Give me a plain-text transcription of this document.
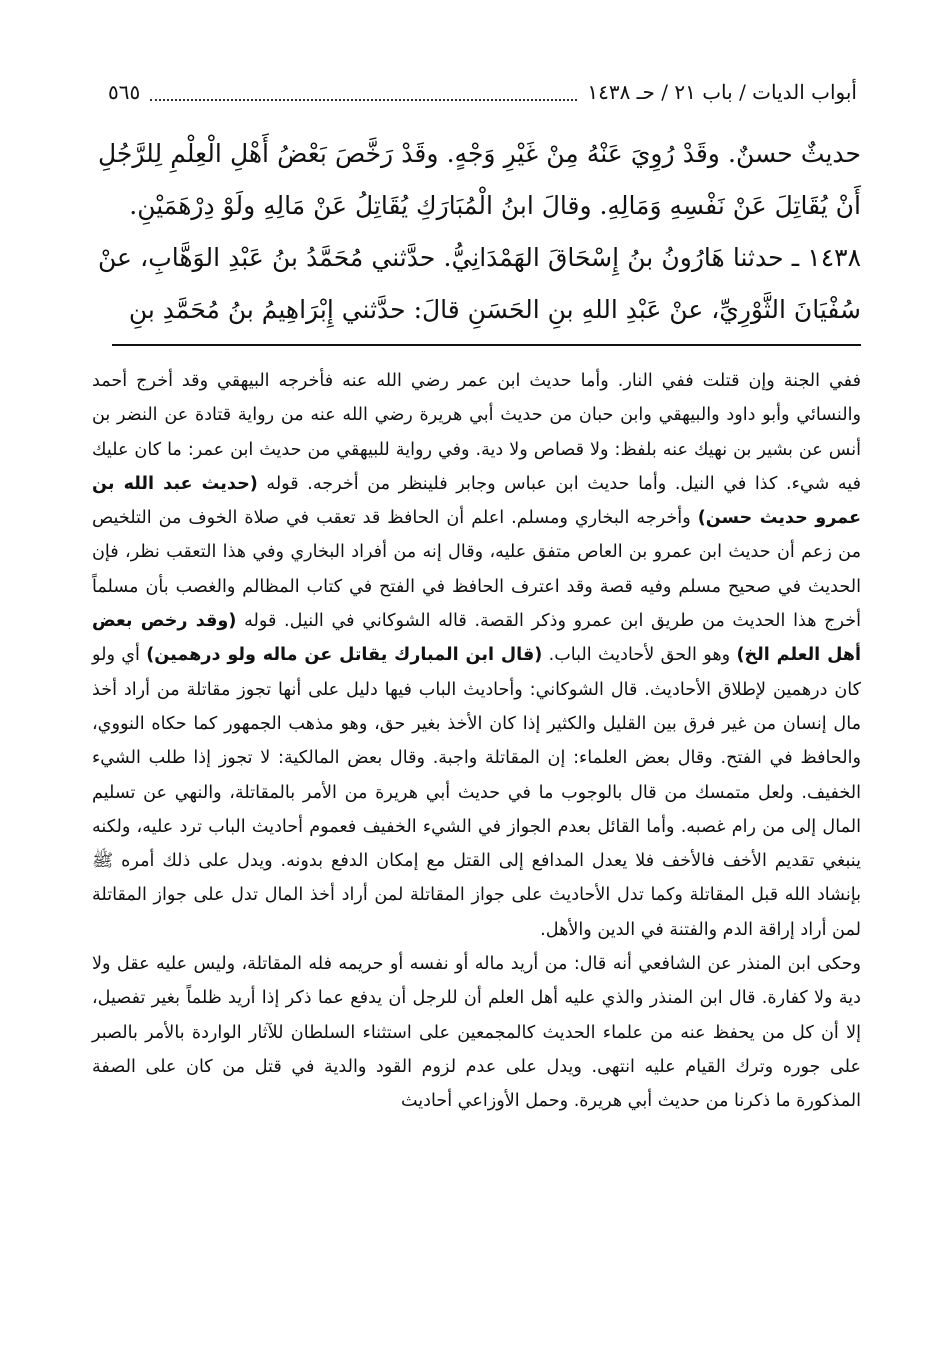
أبواب الديات / باب ٢١ / حـ ١٤٣٨
٥٦٥

حديثٌ حسنٌ. وقَدْ رُوِيَ عَنْهُ مِنْ غَيْرِ وَجْهٍ. وقَدْ رَخَّصَ بَعْضُ أَهْلِ الْعِلْمِ لِلرَّجُلِ أَنْ يُقَاتِلَ عَنْ نَفْسِهِ وَمَالِهِ. وقالَ ابنُ الْمُبَارَكِ يُقَاتِلُ عَنْ مَالِهِ ولَوْ دِرْهَمَيْنِ.

١٤٣٨ ـ حدثنا هَارُونُ بنُ إِسْحَاقَ الهَمْدَانِيُّ. حدَّثني مُحَمَّدُ بنُ عَبْدِ الوَهَّابِ، عنْ سُفْيَانَ الثَّوْرِيِّ، عنْ عَبْدِ اللهِ بنِ الحَسَنِ قالَ: حدَّثني إِبْرَاهِيمُ بنُ مُحَمَّدِ بنِ

ففي الجنة وإن قتلت ففي النار. وأما حديث ابن عمر رضي الله عنه فأخرجه البيهقي وقد أخرج أحمد والنسائي وأبو داود والبيهقي وابن حبان من حديث أبي هريرة رضي الله عنه من رواية قتادة عن النضر بن أنس عن بشير بن نهيك عنه بلفظ: ولا قصاص ولا دية. وفي رواية للبيهقي من حديث ابن عمر: ما كان عليك فيه شيء. كذا في النيل. وأما حديث ابن عباس وجابر فلينظر من أخرجه. قوله (حديث عبد الله بن عمرو حديث حسن) وأخرجه البخاري ومسلم. اعلم أن الحافظ قد تعقب في صلاة الخوف من التلخيص من زعم أن حديث ابن عمرو بن العاص متفق عليه، وقال إنه من أفراد البخاري وفي هذا التعقب نظر، فإن الحديث في صحيح مسلم وفيه قصة وقد اعترف الحافظ في الفتح في كتاب المظالم والغصب بأن مسلماً أخرج هذا الحديث من طريق ابن عمرو وذكر القصة. قاله الشوكاني في النيل. قوله (وقد رخص بعض أهل العلم الخ) وهو الحق لأحاديث الباب. (قال ابن المبارك يقاتل عن ماله ولو درهمين) أي ولو كان درهمين لإطلاق الأحاديث. قال الشوكاني: وأحاديث الباب فيها دليل على أنها تجوز مقاتلة من أراد أخذ مال إنسان من غير فرق بين القليل والكثير إذا كان الأخذ بغير حق، وهو مذهب الجمهور كما حكاه النووي، والحافظ في الفتح. وقال بعض العلماء: إن المقاتلة واجبة. وقال بعض المالكية: لا تجوز إذا طلب الشيء الخفيف. ولعل متمسك من قال بالوجوب ما في حديث أبي هريرة من الأمر بالمقاتلة، والنهي عن تسليم المال إلى من رام غصبه. وأما القائل بعدم الجواز في الشيء الخفيف فعموم أحاديث الباب ترد عليه، ولكنه ينبغي تقديم الأخف فالأخف فلا يعدل المدافع إلى القتل مع إمكان الدفع بدونه. ويدل على ذلك أمره ﷺ بإنشاد الله قبل المقاتلة وكما تدل الأحاديث على جواز المقاتلة لمن أراد أخذ المال تدل على جواز المقاتلة لمن أراد إراقة الدم والفتنة في الدين والأهل.

وحكى ابن المنذر عن الشافعي أنه قال: من أريد ماله أو نفسه أو حريمه فله المقاتلة، وليس عليه عقل ولا دية ولا كفارة. قال ابن المنذر والذي عليه أهل العلم أن للرجل أن يدفع عما ذكر إذا أريد ظلماً بغير تفصيل، إلا أن كل من يحفظ عنه من علماء الحديث كالمجمعين على استثناء السلطان للآثار الواردة بالأمر بالصبر على جوره وترك القيام عليه انتهى. ويدل على عدم لزوم القود والدية في قتل من كان على الصفة المذكورة ما ذكرنا من حديث أبي هريرة. وحمل الأوزاعي أحاديث
